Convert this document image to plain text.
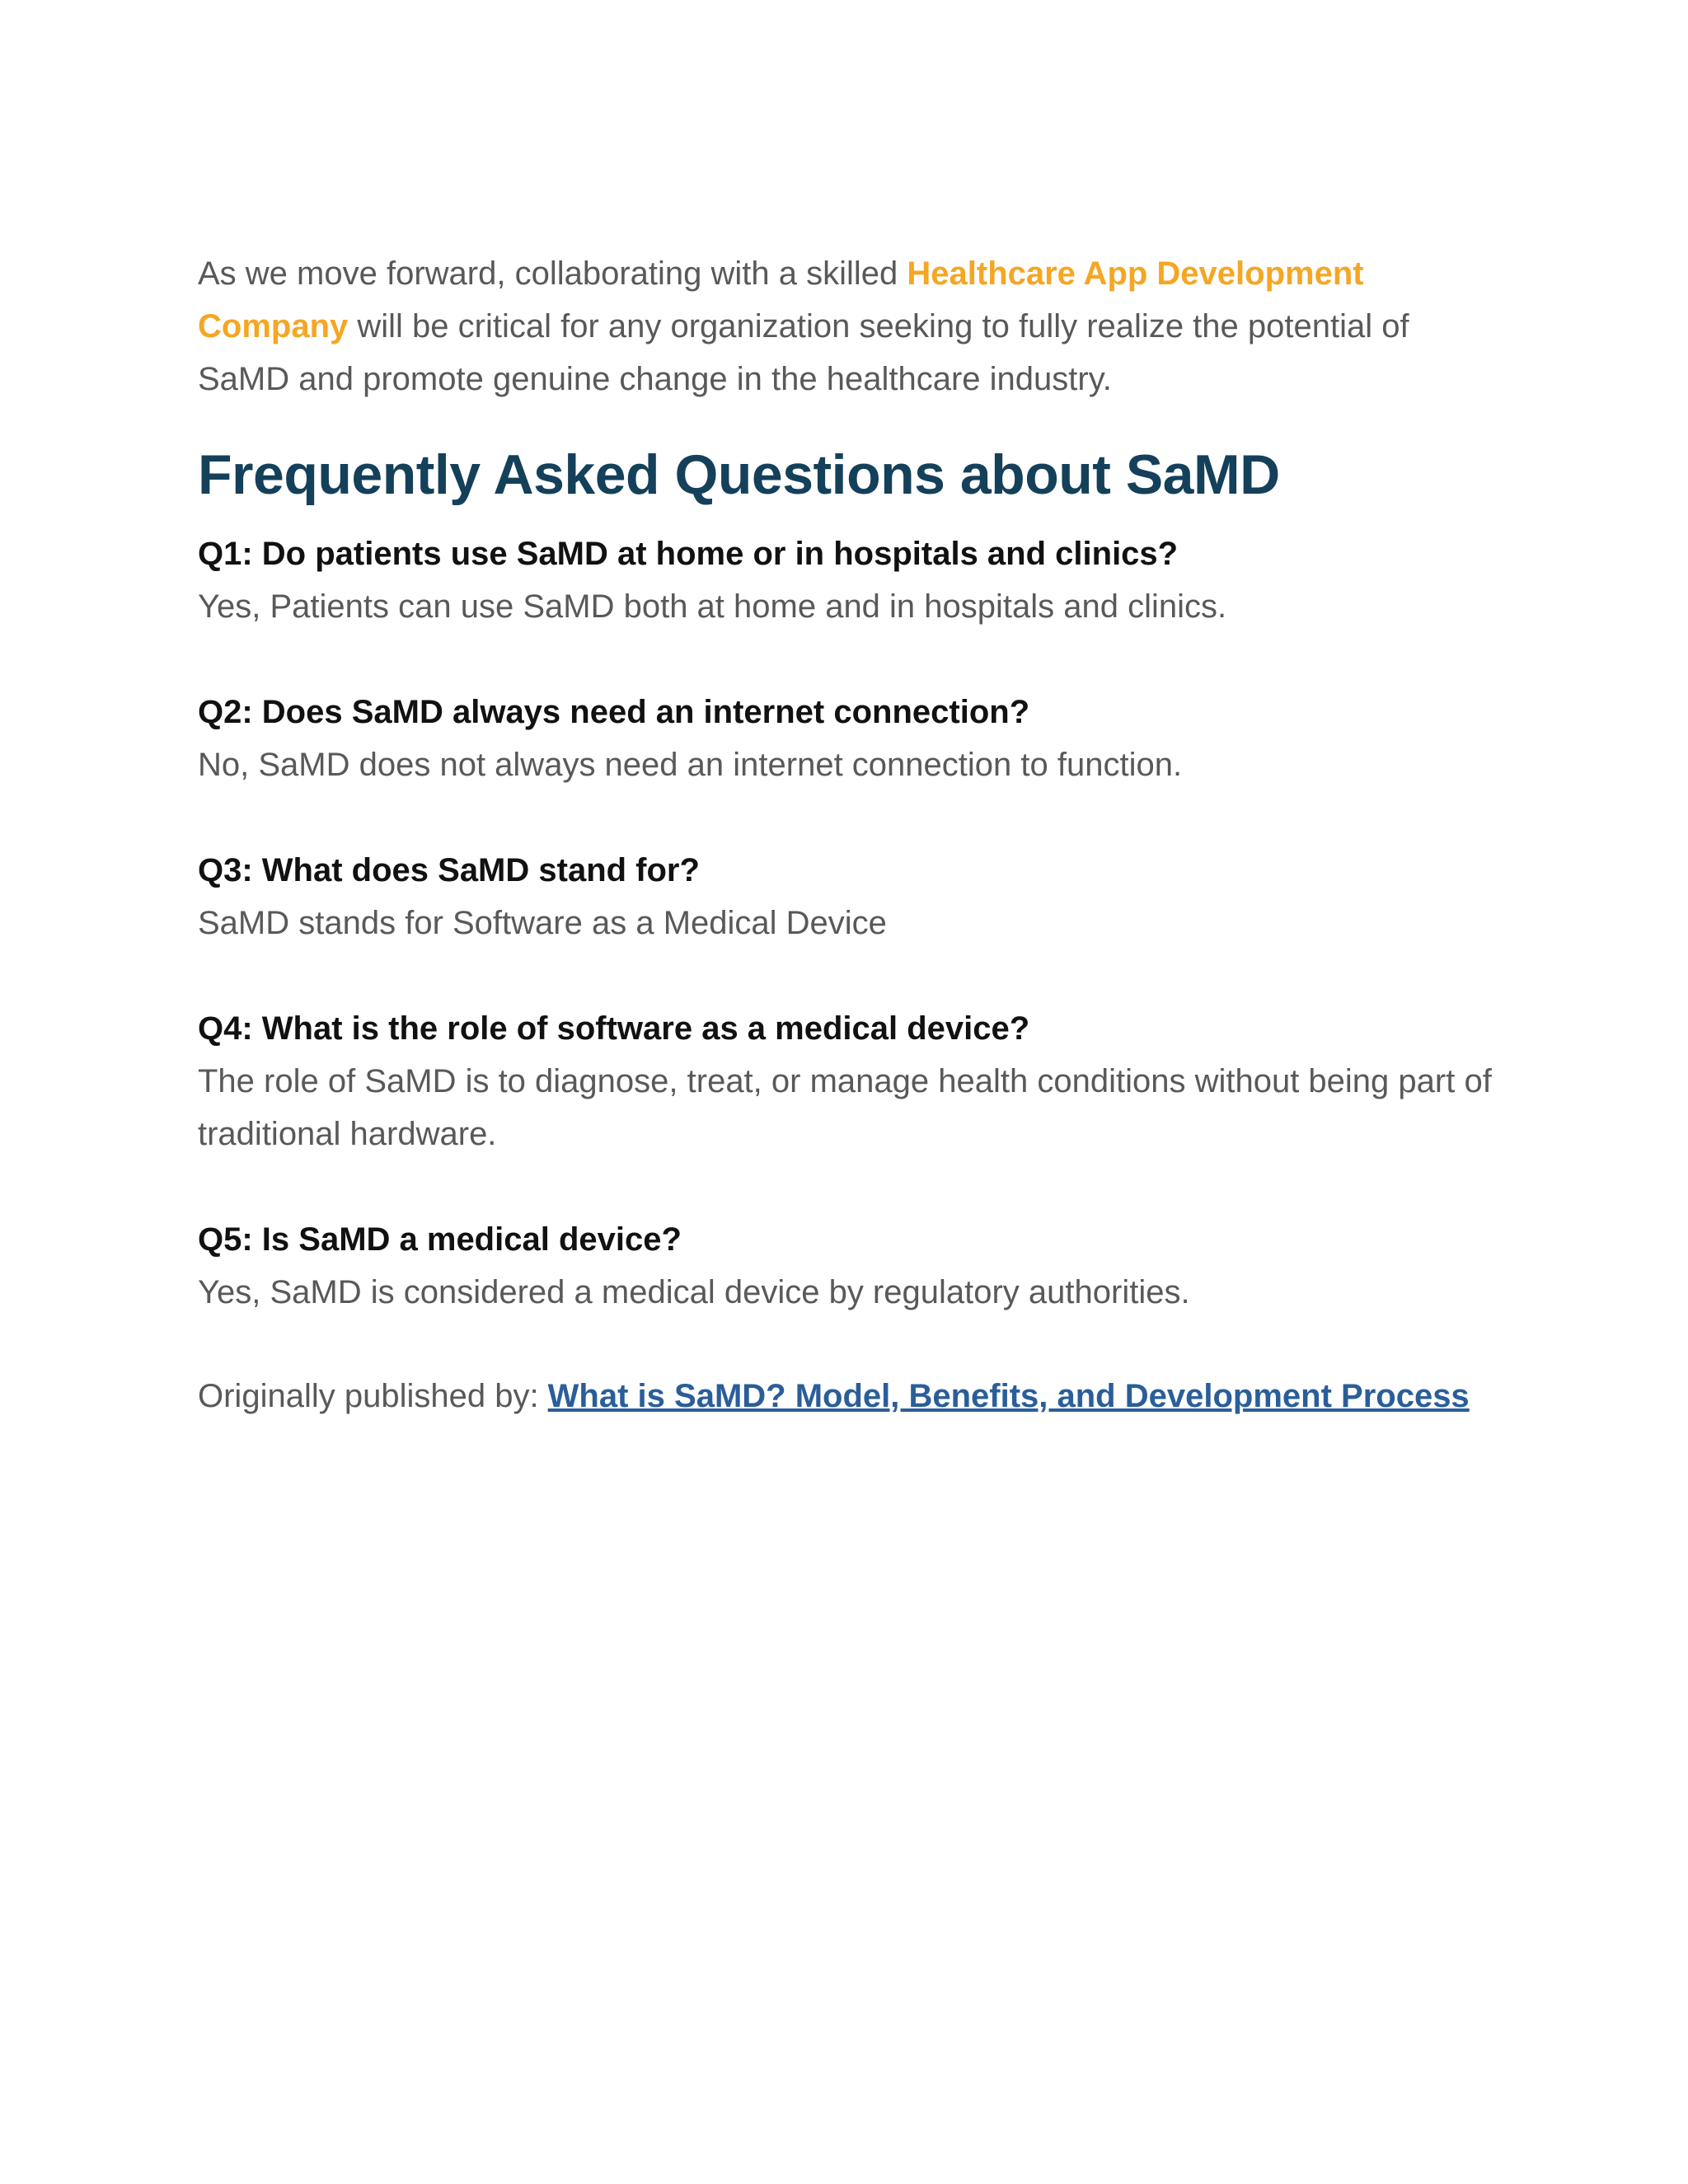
As we move forward, collaborating with a skilled Healthcare App Development Company will be critical for any organization seeking to fully realize the potential of SaMD and promote genuine change in the healthcare industry.

Frequently Asked Questions about SaMD

Q1: Do patients use SaMD at home or in hospitals and clinics?

Yes, Patients can use SaMD both at home and in hospitals and clinics.

Q2: Does SaMD always need an internet connection?

No, SaMD does not always need an internet connection to function.

Q3: What does SaMD stand for?

SaMD stands for Software as a Medical Device

Q4: What is the role of software as a medical device?

The role of SaMD is to diagnose, treat, or manage health conditions without being part of traditional hardware.

Q5: Is SaMD a medical device?

Yes, SaMD is considered a medical device by regulatory authorities.

Originally published by: What is SaMD? Model, Benefits, and Development Process
